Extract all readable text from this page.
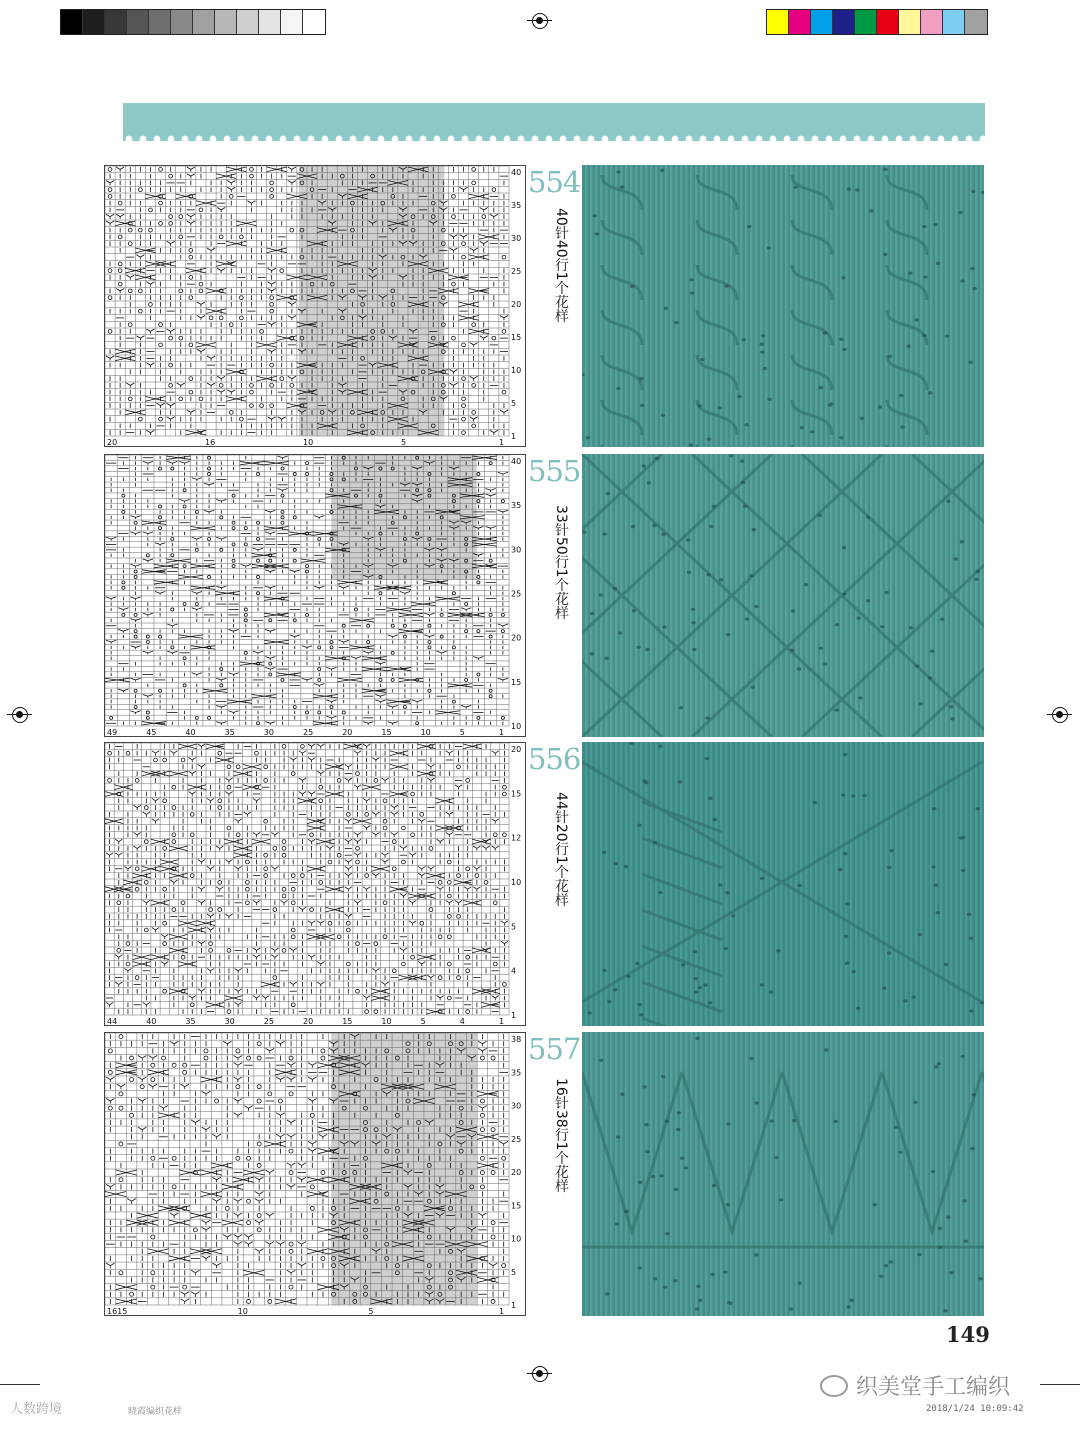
40
35
30
25
20
15
10
5
1
20	16	10	5	1
40
35
30
25
20
15
10
49	45	40	35	30	25	20	15	10	5	1
20
15
12
10
5
4
1
44	40	35	30	25	20	15	10	5	4	1
38
35
30
25
20
15
10
5
1
1615	10	5	1
554
40针40行1个花样
555
33针50行1个花样
556
44针20行1个花样
557
16针38行1个花样
149
织美堂手工编织
人数跨境	晓霞编织花样	2018/1/24 10:09:42
